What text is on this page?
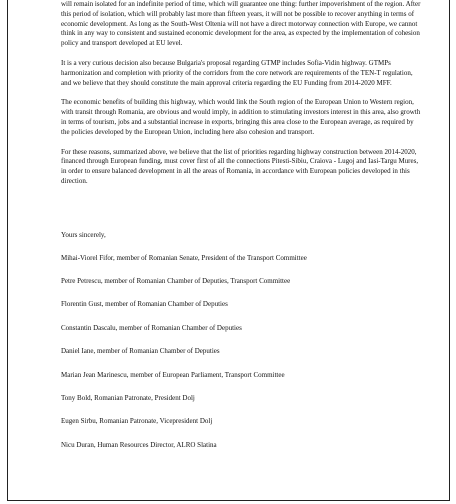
will remain isolated for an indefinite period of time, which will guarantee one thing: further impoverishment of the region. After this period of isolation, which will probably last more than fifteen years, it will not be possible to recover anything in terms of economic development. As long as the South-West Oltenia will not have a direct motorway connection with Europe, we cannot think in any way to consistent and sustained economic development for the area, as expected by the implementation of cohesion policy and transport developed at EU level.

It is a very curious decision also because Bulgaria's proposal regarding GTMP includes Sofia-Vidin highway. GTMPs harmonization and completion with priority of the corridors from the core network are requirements of the TEN-T regulation, and we believe that they should constitute the main approval criteria regarding the EU Funding from 2014-2020 MFF.

The economic benefits of building this highway, which would link the South region of the European Union to Western region, with transit through Romania, are obvious and would imply, in addition to stimulating investors interest in this area, also growth in terms of tourism, jobs and a substantial increase in exports, bringing this area close to the European average, as required by the policies developed by the European Union, including here also cohesion and transport.

For these reasons, summarized above, we believe that the list of priorities regarding highway construction between 2014-2020, financed through European funding, must cover first of all the connections Pitesti-Sibiu, Craiova - Lugoj and Iasi-Targu Mures, in order to ensure balanced development in all the areas of Romania, in accordance with European policies developed in this direction.

Yours sincerely,

Mihai-Viorel Fifor, member of Romanian Senate, President of the Transport Committee

Petre Petrescu, member of Romanian Chamber of Deputies, Transport Committee

Florentin Gust, member of Romanian Chamber of Deputies

Constantin Dascalu, member of Romanian Chamber of Deputies

Daniel Iane, member of Romanian Chamber of Deputies

Marian Jean Marinescu, member of European Parliament, Transport Committee

Tony Bold, Romanian Patronate, President Dolj

Eugen Sirbu, Romanian Patronate, Vicepresident Dolj

Nicu Duran, Human Resources Director, ALRO Slatina
